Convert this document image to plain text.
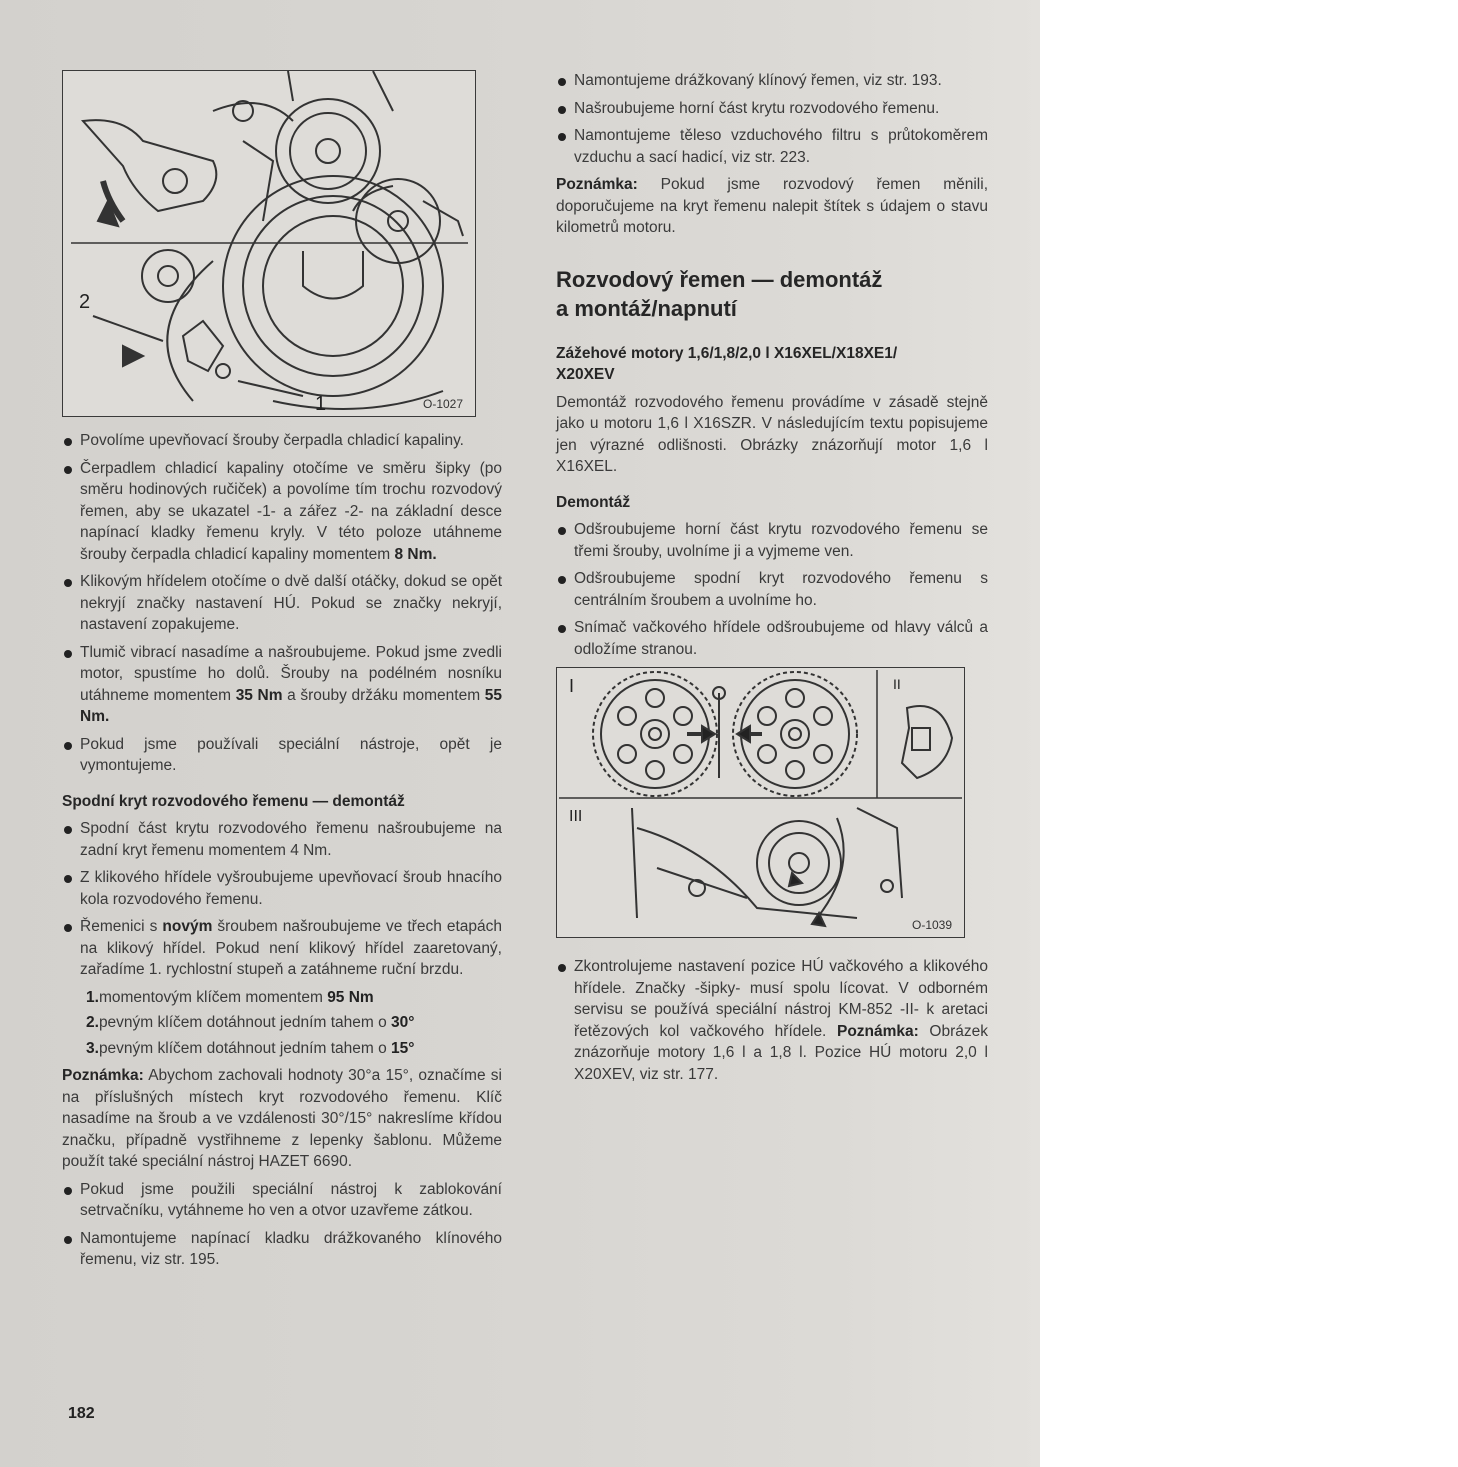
2
1	O-1027
I	II
III
O-1039

Povolíme upevňovací šrouby čerpadla chladicí kapaliny.

Čerpadlem chladicí kapaliny otočíme ve směru šipky (po směru hodinových ručiček) a povolíme tím trochu rozvodový řemen, aby se ukazatel -1- a zářez -2- na základní desce napínací kladky řemenu kryly. V této poloze utáhneme šrouby čerpadla chladicí kapaliny momentem 8 Nm.

Klikovým hřídelem otočíme o dvě další otáčky, dokud se opět nekryjí značky nastavení HÚ. Pokud se značky nekryjí, nastavení zopakujeme.

Tlumič vibrací nasadíme a našroubujeme. Pokud jsme zvedli motor, spustíme ho dolů. Šrouby na podélném nosníku utáhneme momentem 35 Nm a šrouby držáku momentem 55 Nm.

Pokud jsme používali speciální nástroje, opět je vymontujeme.

Spodní kryt rozvodového řemenu — demontáž

Spodní část krytu rozvodového řemenu našroubujeme na zadní kryt řemenu momentem 4 Nm.

Z klikového hřídele vyšroubujeme upevňovací šroub hnacího kola rozvodového řemenu.

Řemenici s novým šroubem našroubujeme ve třech etapách na klikový hřídel. Pokud není klikový hřídel zaaretovaný, zařadíme 1. rychlostní stupeň a zatáhneme ruční brzdu.

1.momentovým klíčem momentem 95 Nm
2.pevným klíčem dotáhnout jedním tahem o 30°
3.pevným klíčem dotáhnout jedním tahem o 15°

Poznámka: Abychom zachovali hodnoty 30°a 15°, označíme si na příslušných místech kryt rozvodového řemenu. Klíč nasadíme na šroub a ve vzdálenosti 30°/15° nakreslíme křídou značku, případně vystřihneme z lepenky šablonu. Můžeme použít také speciální nástroj HAZET 6690.

Pokud jsme použili speciální nástroj k zablokování setrvačníku, vytáhneme ho ven a otvor uzavřeme zátkou.

Namontujeme napínací kladku drážkovaného klínového řemenu, viz str. 195.

Namontujeme drážkovaný klínový řemen, viz str. 193.

Našroubujeme horní část krytu rozvodového řemenu.

Namontujeme těleso vzduchového filtru s průtokoměrem vzduchu a sací hadicí, viz str. 223.

Poznámka: Pokud jsme rozvodový řemen měnili, doporučujeme na kryt řemenu nalepit štítek s údajem o stavu kilometrů motoru.

Rozvodový řemen — demontáž
a montáž/napnutí
Zážehové motory 1,6/1,8/2,0 l X16XEL/X18XE1/
X20XEV

Demontáž rozvodového řemenu provádíme v zásadě stejně jako u motoru 1,6 l X16SZR. V následujícím textu popisujeme jen výrazné odlišnosti. Obrázky znázorňují motor 1,6 l X16XEL.

Demontáž

Odšroubujeme horní část krytu rozvodového řemenu se třemi šrouby, uvolníme ji a vyjmeme ven.

Odšroubujeme spodní kryt rozvodového řemenu s centrálním šroubem a uvolníme ho.

Snímač vačkového hřídele odšroubujeme od hlavy válců a odložíme stranou.

Zkontrolujeme nastavení pozice HÚ vačkového a klikového hřídele. Značky -šipky- musí spolu lícovat. V odborném servisu se používá speciální nástroj KM-852 -II- k aretaci řetězových kol vačkového hřídele. Poznámka: Obrázek znázorňuje motory 1,6 l a 1,8 l. Pozice HÚ motoru 2,0 l X20XEV, viz str. 177.

182
